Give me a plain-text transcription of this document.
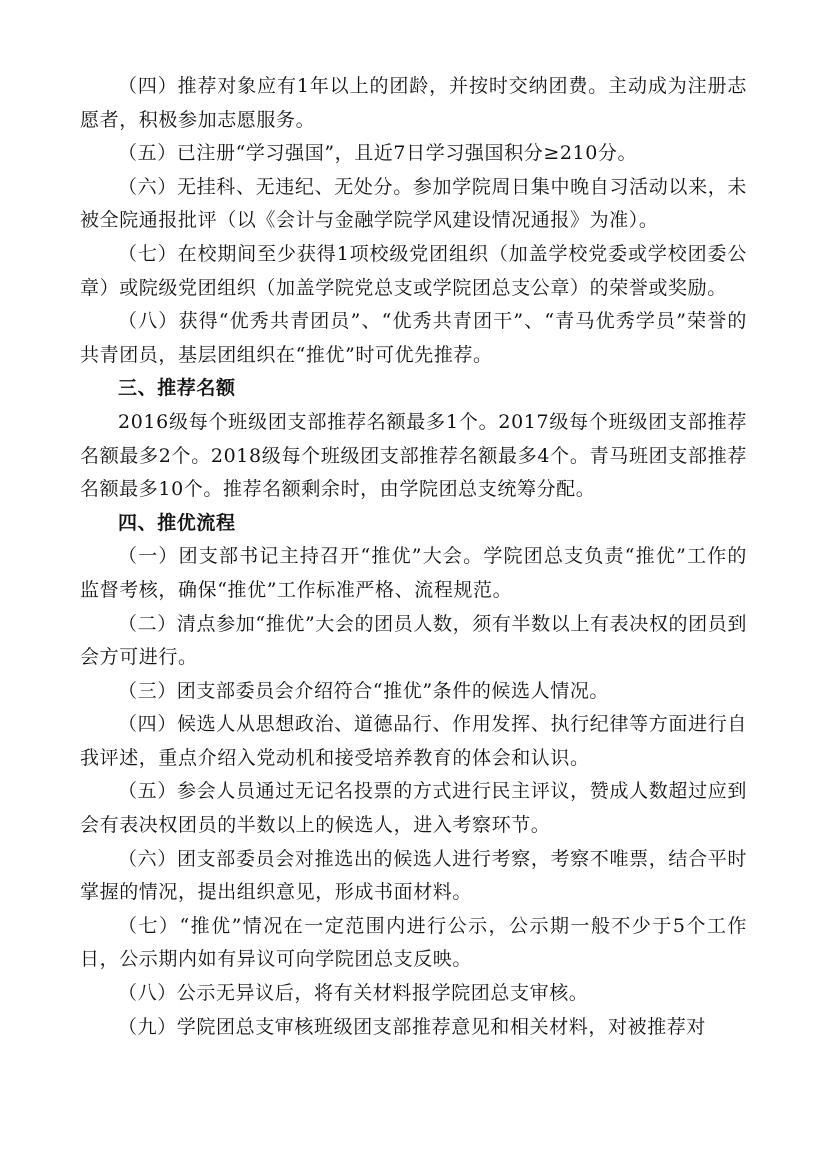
（四）推荐对象应有1年以上的团龄，并按时交纳团费。主动成为注册志愿者，积极参加志愿服务。

（五）已注册“学习强国”，且近7日学习强国积分≥210分。

（六）无挂科、无违纪、无处分。参加学院周日集中晚自习活动以来，未被全院通报批评（以《会计与金融学院学风建设情况通报》为准）。

（七）在校期间至少获得1项校级党团组织（加盖学校党委或学校团委公章）或院级党团组织（加盖学院党总支或学院团总支公章）的荣誉或奖励。

（八）获得“优秀共青团员”、“优秀共青团干”、“青马优秀学员”荣誉的共青团员，基层团组织在“推优”时可优先推荐。

三、推荐名额

2016级每个班级团支部推荐名额最多1个。2017级每个班级团支部推荐名额最多2个。2018级每个班级团支部推荐名额最多4个。青马班团支部推荐名额最多10个。推荐名额剩余时，由学院团总支统筹分配。

四、推优流程

（一）团支部书记主持召开“推优”大会。学院团总支负责“推优”工作的监督考核，确保“推优”工作标准严格、流程规范。

（二）清点参加“推优”大会的团员人数，须有半数以上有表决权的团员到会方可进行。

（三）团支部委员会介绍符合“推优”条件的候选人情况。

（四）候选人从思想政治、道德品行、作用发挥、执行纪律等方面进行自我评述，重点介绍入党动机和接受培养教育的体会和认识。

（五）参会人员通过无记名投票的方式进行民主评议，赞成人数超过应到会有表决权团员的半数以上的候选人，进入考察环节。

（六）团支部委员会对推选出的候选人进行考察，考察不唯票，结合平时掌握的情况，提出组织意见，形成书面材料。

（七）“推优”情况在一定范围内进行公示，公示期一般不少于5个工作日，公示期内如有异议可向学院团总支反映。

（八）公示无异议后，将有关材料报学院团总支审核。

（九）学院团总支审核班级团支部推荐意见和相关材料，对被推荐对
